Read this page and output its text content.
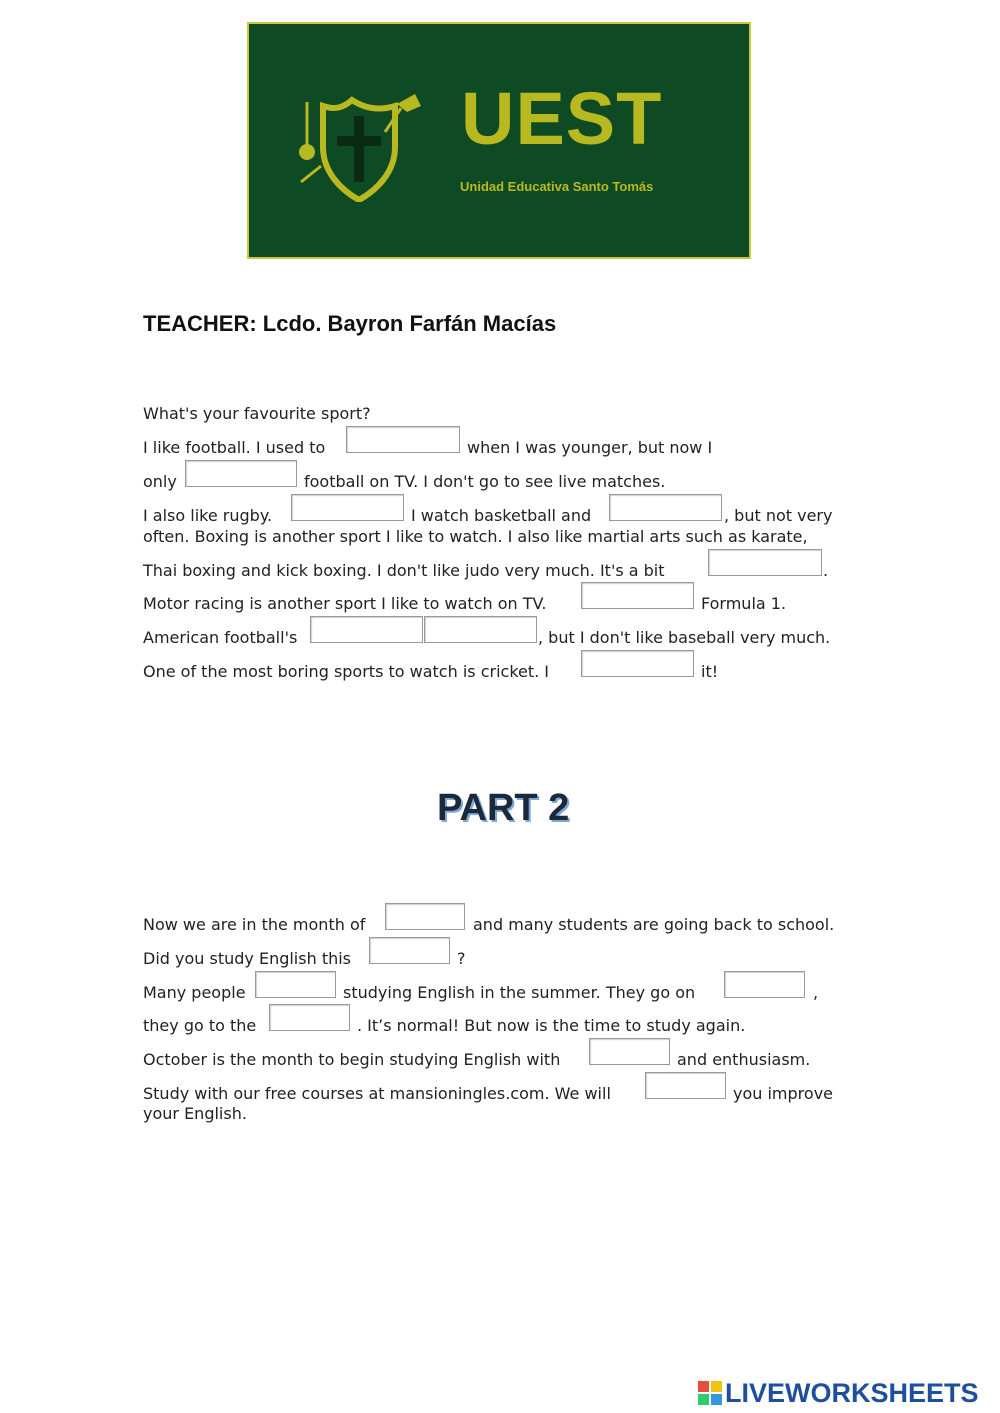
UEST
Unidad Educativa Santo Tomás
TEACHER: Lcdo. Bayron Farfán Macías
What's your favourite sport?
I like football. I used to	when I was younger, but now I
only	football on TV. I don't go to see live matches.
I also like rugby.	I watch basketball and	, but not very
often. Boxing is another sport I like to watch. I also like martial arts such as karate,
Thai boxing and kick boxing. I don't like judo very much. It's a bit	.
Motor racing is another sport I like to watch on TV.	Formula 1.
American football's	, but I don't like baseball very much.
One of the most boring sports to watch is cricket. I	it!
PART 2
Now we are in the month of	and many students are going back to school.
Did you study English this	?
Many people	studying English in the summer. They go on	,
they go to the	. It’s normal! But now is the time to study again.
October is the month to begin studying English with	and enthusiasm.
Study with our free courses at mansioningles.com. We will	you improve
your English.
LIVEWORKSHEETS
